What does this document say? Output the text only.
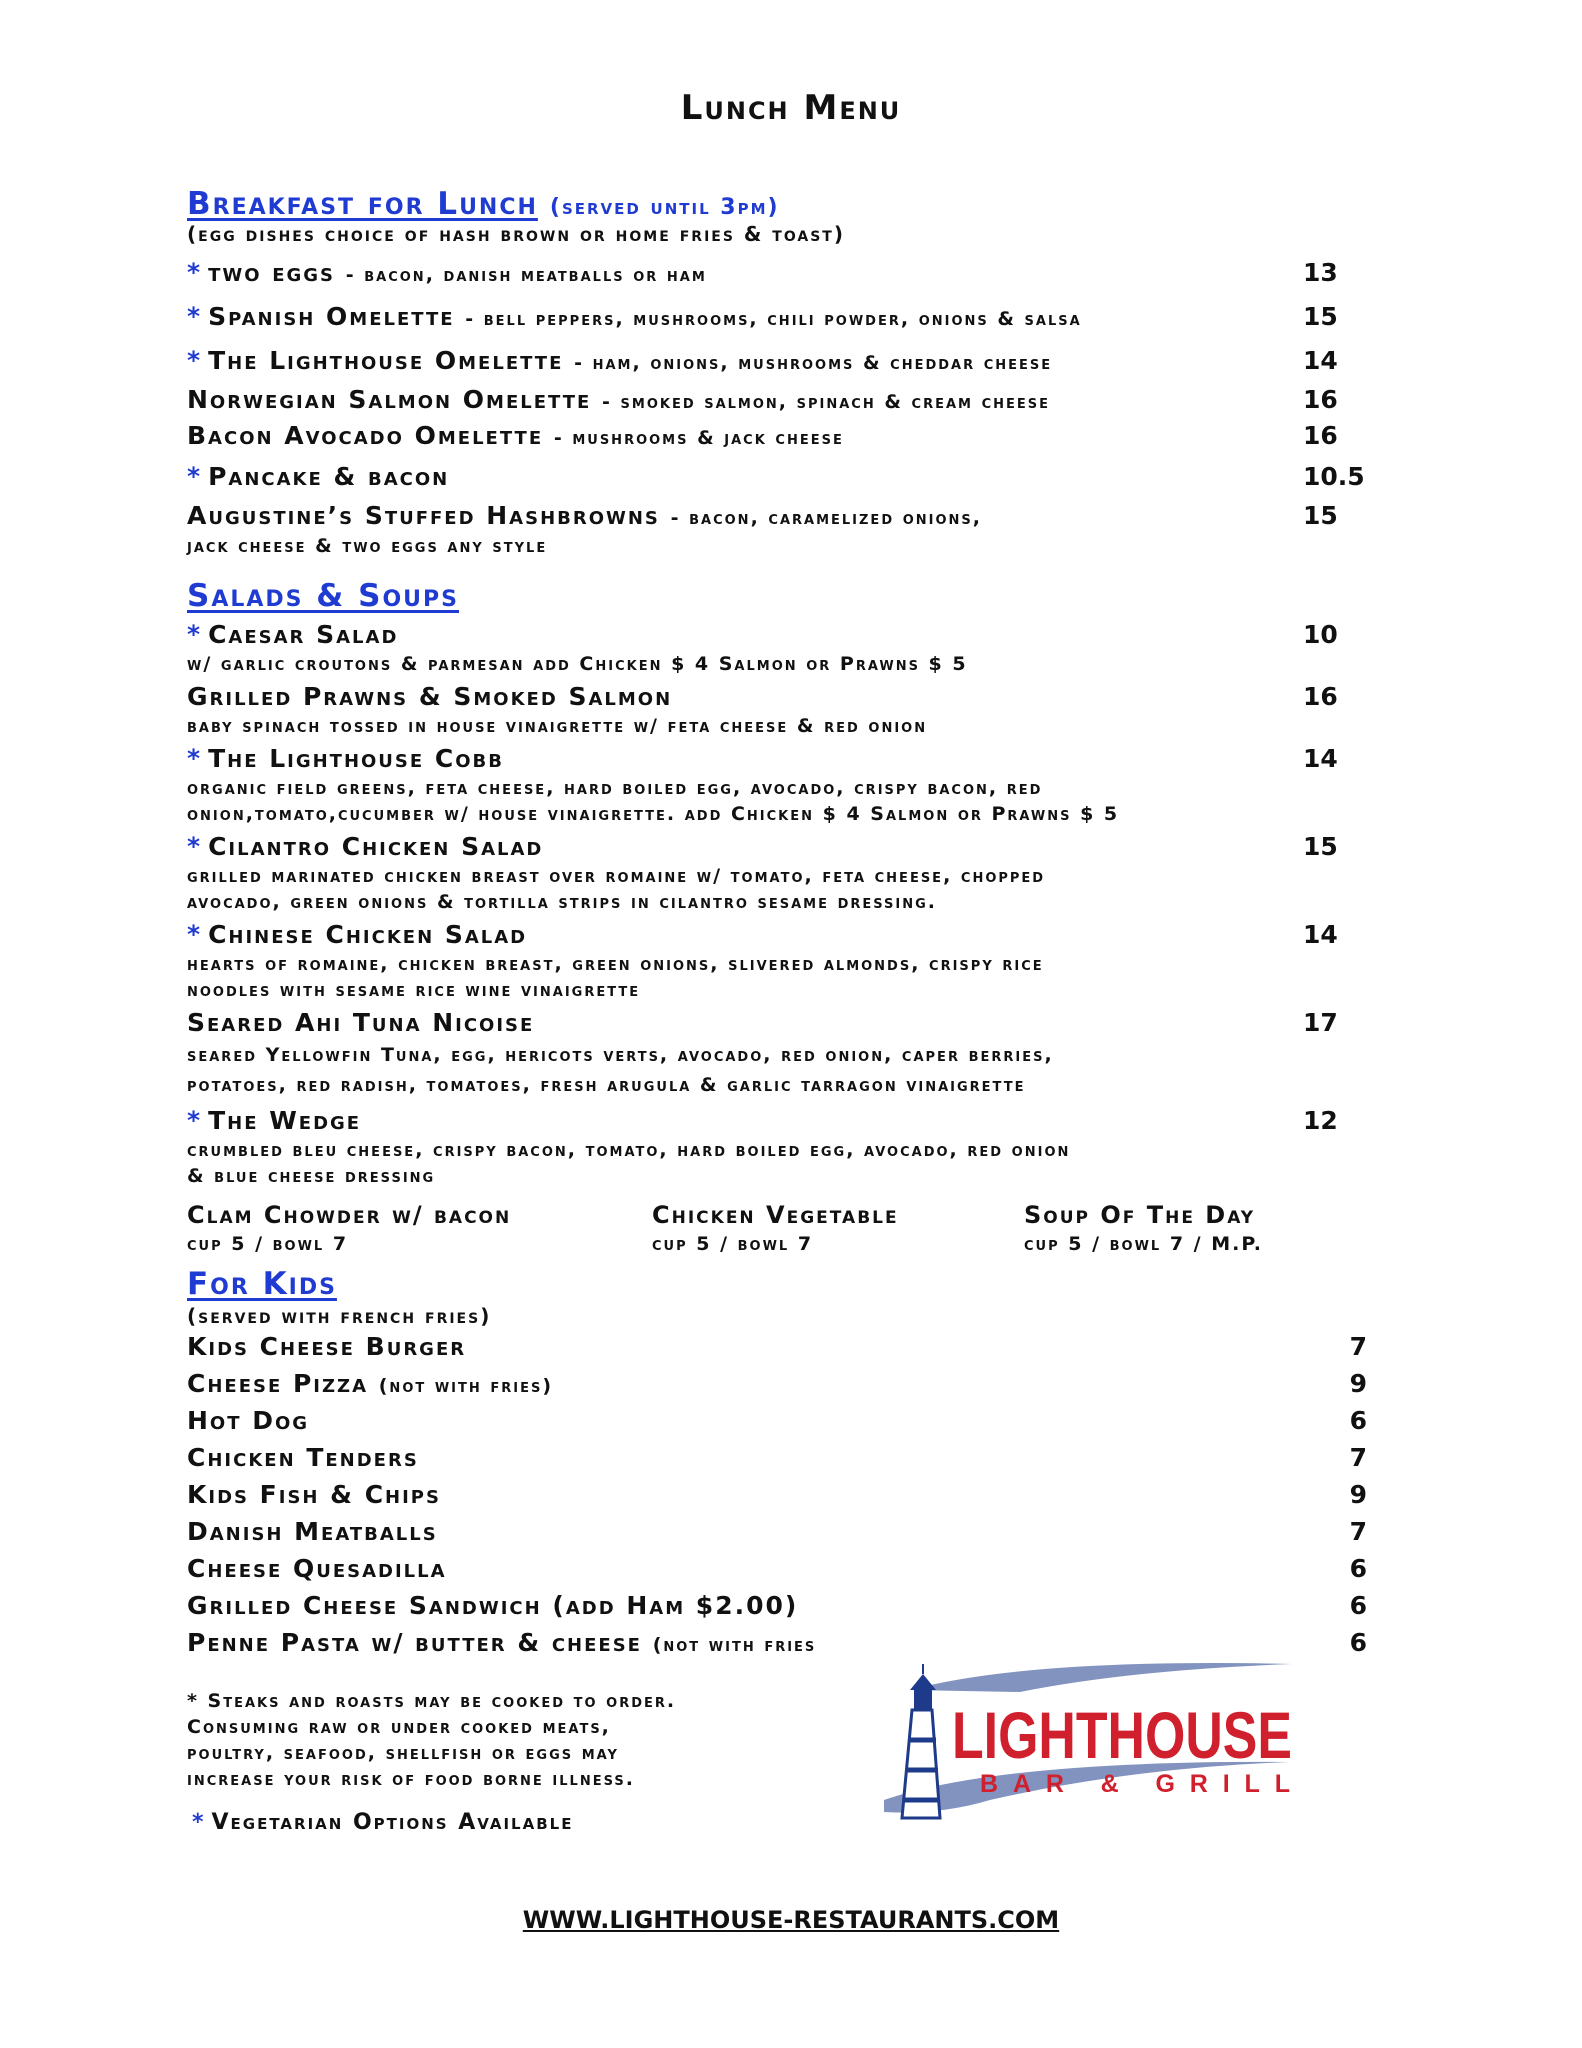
Lunch Menu
Breakfast for Lunch (served until 3pm)
(egg dishes choice of hash brown or home fries & toast)
* two eggs - bacon, danish meatballs or ham	13
* Spanish Omelette - bell peppers, mushrooms, chili powder, onions & salsa	15
* The Lighthouse Omelette - ham, onions, mushrooms & cheddar cheese	14
Norwegian Salmon Omelette - smoked salmon, spinach & cream cheese	16
Bacon Avocado Omelette - mushrooms & jack cheese	16
* Pancake & bacon	10.5
Augustine’s Stuffed Hashbrowns - bacon, caramelized onions,	15
jack cheese & two eggs any style
Salads & Soups
* Caesar Salad	10
w/ garlic croutons & parmesan add Chicken $ 4 Salmon or Prawns $ 5
Grilled Prawns & Smoked Salmon	16
baby spinach tossed in house vinaigrette w/ feta cheese & red onion
* The Lighthouse Cobb	14
organic field greens, feta cheese, hard boiled egg, avocado, crispy bacon, red
onion,tomato,cucumber w/ house vinaigrette. add Chicken $ 4 Salmon or Prawns $ 5
* Cilantro Chicken Salad	15
grilled marinated chicken breast over romaine w/ tomato, feta cheese, chopped
avocado, green onions & tortilla strips in cilantro sesame dressing.
* Chinese Chicken Salad	14
hearts of romaine, chicken breast, green onions, slivered almonds, crispy rice
noodles with sesame rice wine vinaigrette
Seared Ahi Tuna Nicoise	17
seared Yellowfin Tuna, egg, hericots verts, avocado, red onion, caper berries,
potatoes, red radish, tomatoes, fresh arugula & garlic tarragon vinaigrette
* The Wedge	12
crumbled bleu cheese, crispy bacon, tomato, hard boiled egg, avocado, red onion
& blue cheese dressing
Clam Chowder w/ bacon
cup 5 / bowl 7
Chicken Vegetable
cup 5 / bowl 7
Soup Of The Day
cup 5 / bowl 7 / M.P.
For Kids
(served with french fries)
Kids Cheese Burger	7
Cheese Pizza (not with fries)	9
Hot Dog	6
Chicken Tenders	7
Kids Fish & Chips	9
Danish Meatballs	7
Cheese Quesadilla	6
Grilled Cheese Sandwich (add Ham $2.00)	6
Penne Pasta w/ butter & cheese (not with fries	6
* Steaks and roasts may be cooked to order.
Consuming raw or under cooked meats,
poultry, seafood, shellfish or eggs may
increase your risk of food borne illness.
* Vegetarian Options Available
LIGHTHOUSE
BAR & GRILL
WWW.LIGHTHOUSE-RESTAURANTS.COM
